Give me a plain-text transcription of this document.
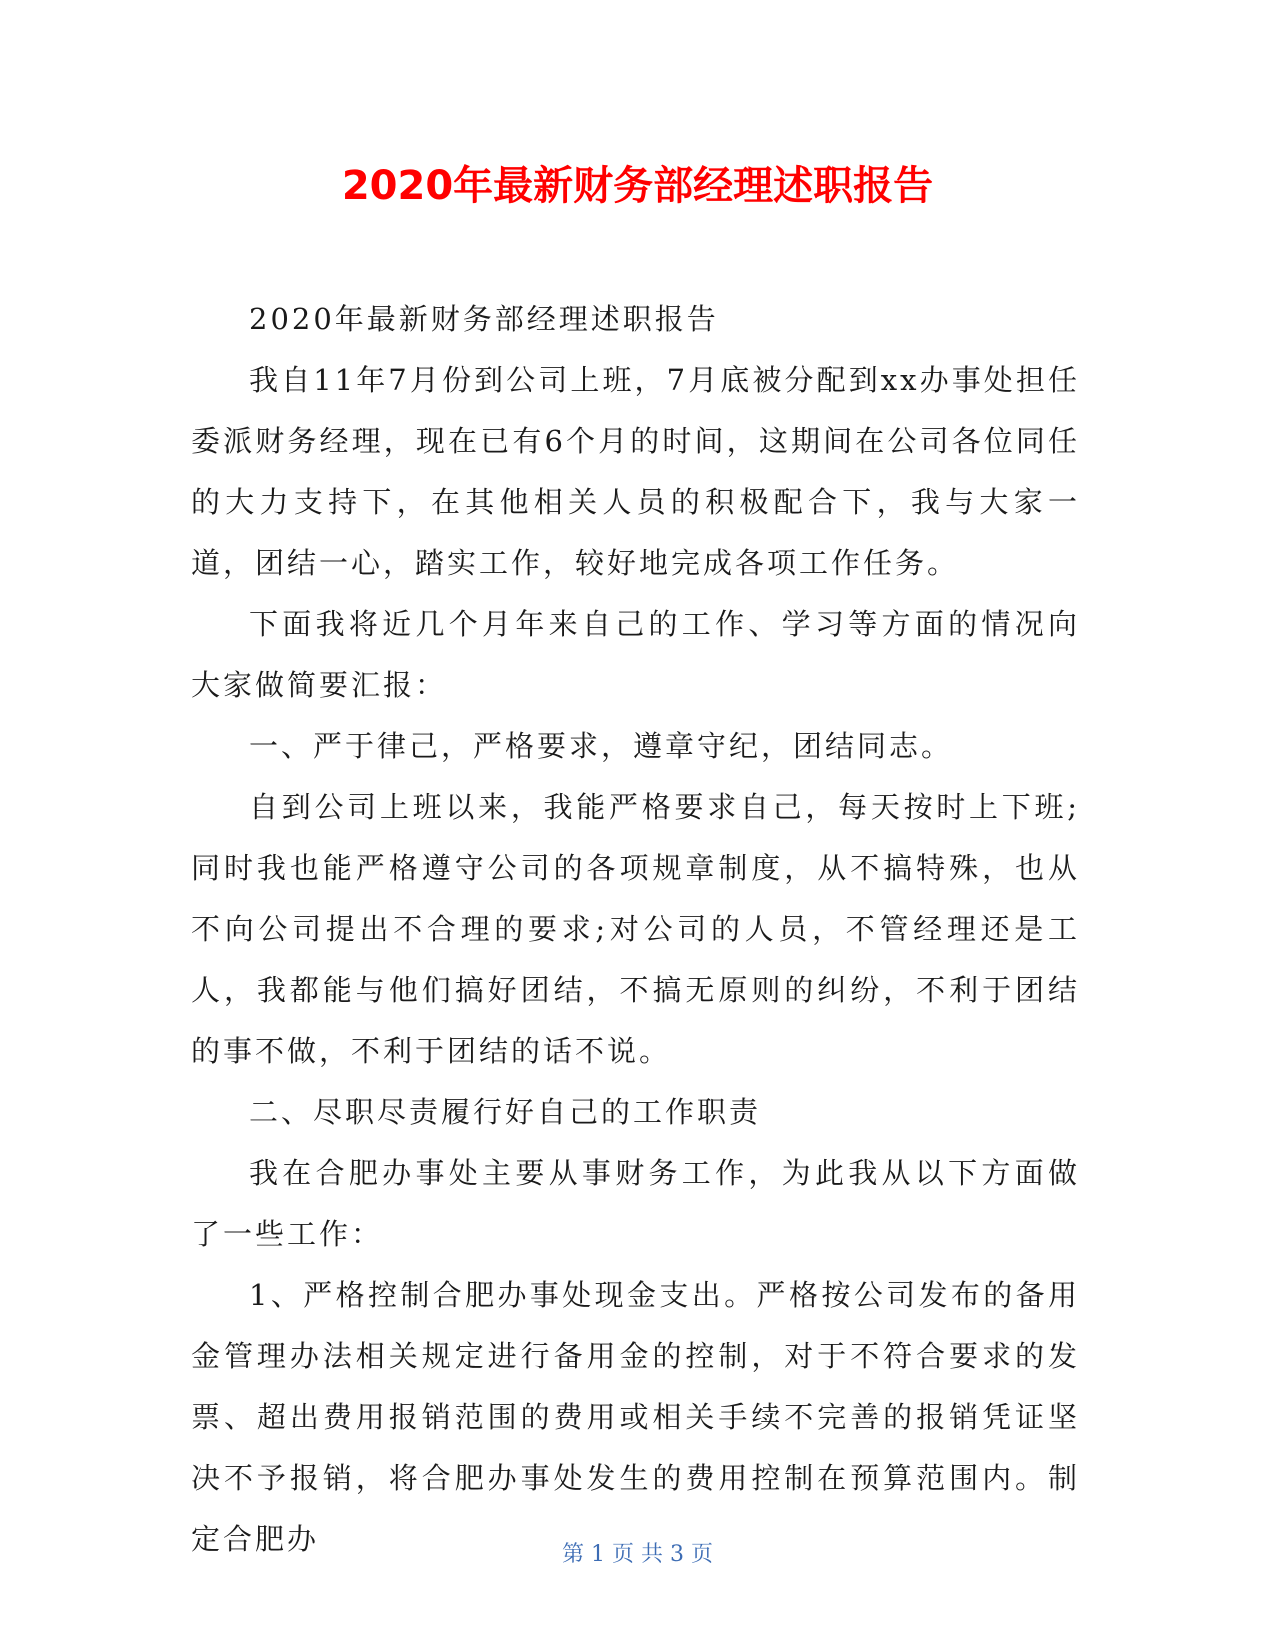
2020年最新财务部经理述职报告

2020年最新财务部经理述职报告

我自11年7月份到公司上班，7月底被分配到xx办事处担任委派财务经理，现在已有6个月的时间，这期间在公司各位同任的大力支持下，在其他相关人员的积极配合下，我与大家一道，团结一心，踏实工作，较好地完成各项工作任务。

下面我将近几个月年来自己的工作、学习等方面的情况向大家做简要汇报：

一、严于律己，严格要求，遵章守纪，团结同志。

自到公司上班以来，我能严格要求自己，每天按时上下班;同时我也能严格遵守公司的各项规章制度，从不搞特殊，也从不向公司提出不合理的要求;对公司的人员，不管经理还是工人，我都能与他们搞好团结，不搞无原则的纠纷，不利于团结的事不做，不利于团结的话不说。

二、尽职尽责履行好自己的工作职责

我在合肥办事处主要从事财务工作，为此我从以下方面做了一些工作：

1、严格控制合肥办事处现金支出。严格按公司发布的备用金管理办法相关规定进行备用金的控制，对于不符合要求的发票、超出费用报销范围的费用或相关手续不完善的报销凭证坚决不予报销，将合肥办事处发生的费用控制在预算范围内。制定合肥办	第 1 页 共 3 页
